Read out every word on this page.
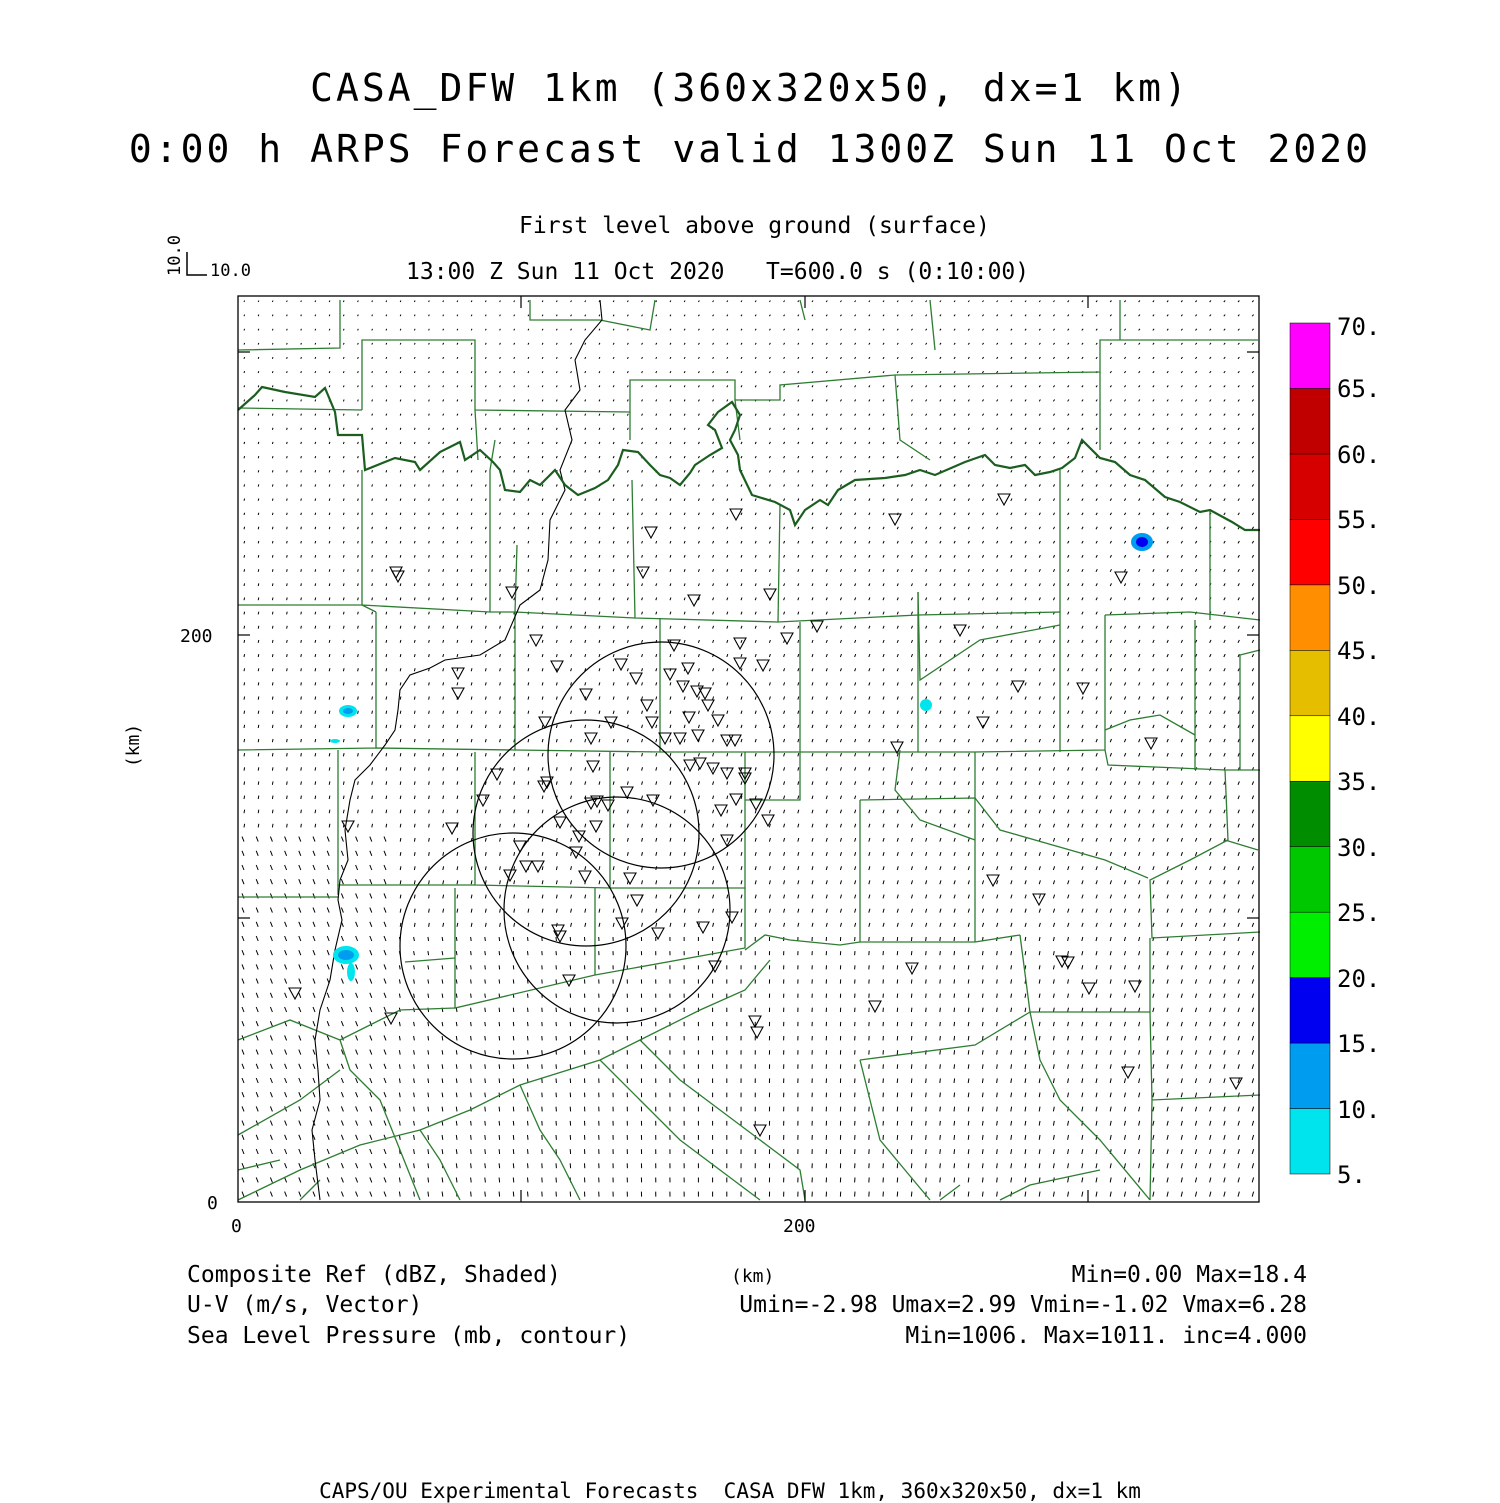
CASA_DFW 1km (360x320x50, dx=1 km)
0:00 h ARPS Forecast valid 1300Z Sun 11 Oct 2020
First level above ground (surface)
13:00 Z Sun 11 Oct 2020   T=600.0 s (0:10:00)
10.0
10.0
0	200
0
200
(km)
(km)
5.
10.
15.
20.
25.
30.
35.
40.
45.
50.
55.
60.
65.
70.
Composite Ref (dBZ, Shaded)	Min=0.00 Max=18.4
U-V (m/s, Vector)	Umin=-2.98 Umax=2.99 Vmin=-1.02 Vmax=6.28
Sea Level Pressure (mb, contour)	Min=1006. Max=1011. inc=4.000
CAPS/OU Experimental Forecasts  CASA DFW 1km, 360x320x50, dx=1 km
